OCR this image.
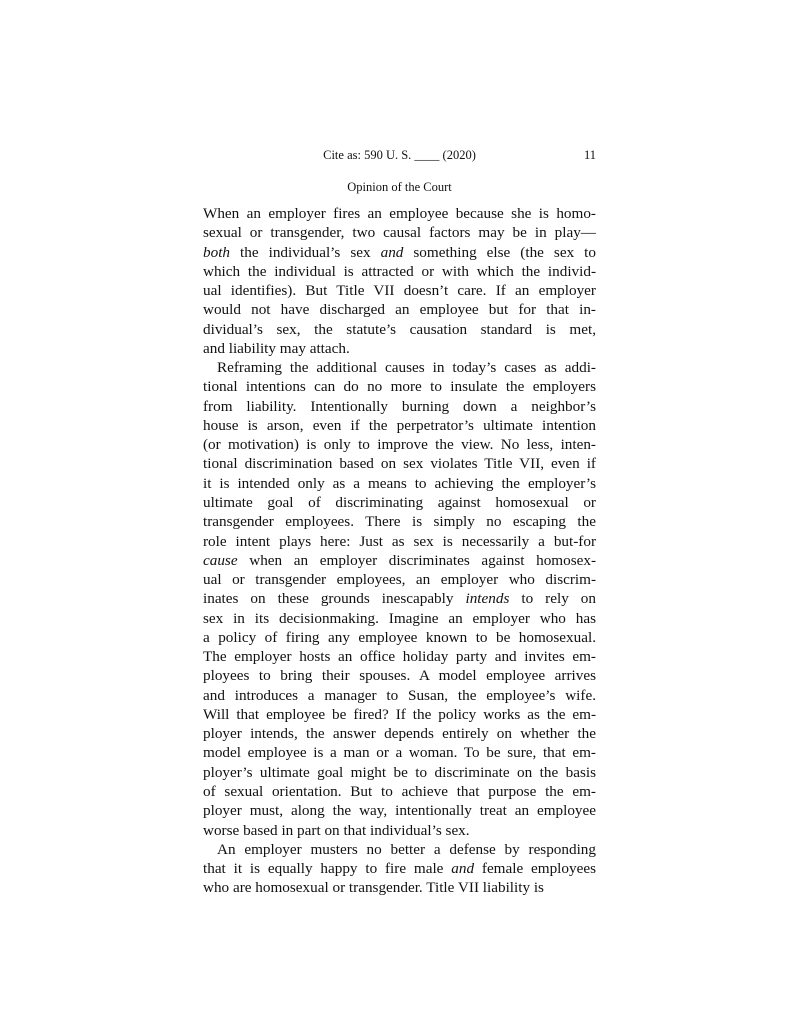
Cite as: 590 U. S. ____ (2020)	11
Opinion of the Court
When an employer fires an employee because she is homo-
sexual or transgender, two causal factors may be in play—
both the individual’s sex and something else (the sex to
which the individual is attracted or with which the individ-
ual identifies). But Title VII doesn’t care. If an employer
would not have discharged an employee but for that in-
dividual’s sex, the statute’s causation standard is met,
and liability may attach.
Reframing the additional causes in today’s cases as addi-
tional intentions can do no more to insulate the employers
from liability. Intentionally burning down a neighbor’s
house is arson, even if the perpetrator’s ultimate intention
(or motivation) is only to improve the view. No less, inten-
tional discrimination based on sex violates Title VII, even if
it is intended only as a means to achieving the employer’s
ultimate goal of discriminating against homosexual or
transgender employees. There is simply no escaping the
role intent plays here: Just as sex is necessarily a but-for
cause when an employer discriminates against homosex-
ual or transgender employees, an employer who discrim-
inates on these grounds inescapably intends to rely on
sex in its decisionmaking. Imagine an employer who has
a policy of firing any employee known to be homosexual.
The employer hosts an office holiday party and invites em-
ployees to bring their spouses. A model employee arrives
and introduces a manager to Susan, the employee’s wife.
Will that employee be fired? If the policy works as the em-
ployer intends, the answer depends entirely on whether the
model employee is a man or a woman. To be sure, that em-
ployer’s ultimate goal might be to discriminate on the basis
of sexual orientation. But to achieve that purpose the em-
ployer must, along the way, intentionally treat an employee
worse based in part on that individual’s sex.
An employer musters no better a defense by responding
that it is equally happy to fire male and female employees
who are homosexual or transgender. Title VII liability is
